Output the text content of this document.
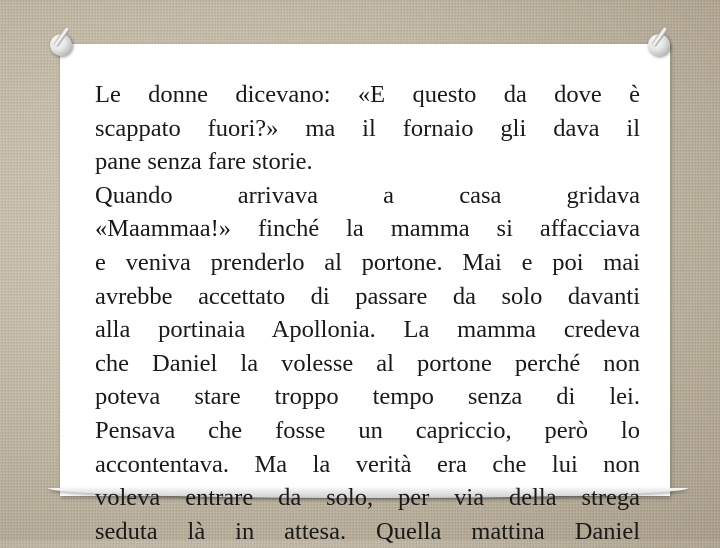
Le donne dicevano: «E questo da dove è
scappato fuori?» ma il fornaio gli dava il
pane senza fare storie.
Quando arrivava a casa gridava
«Maammaa!» finché la mamma si affacciava
e veniva prenderlo al portone. Mai e poi mai
avrebbe accettato di passare da solo davanti
alla portinaia Apollonia. La mamma credeva
che Daniel la volesse al portone perché non
poteva stare troppo tempo senza di lei.
Pensava che fosse un capriccio, però lo
accontentava. Ma la verità era che lui non
voleva entrare da solo, per via della strega
seduta là in attesa. Quella mattina Daniel
